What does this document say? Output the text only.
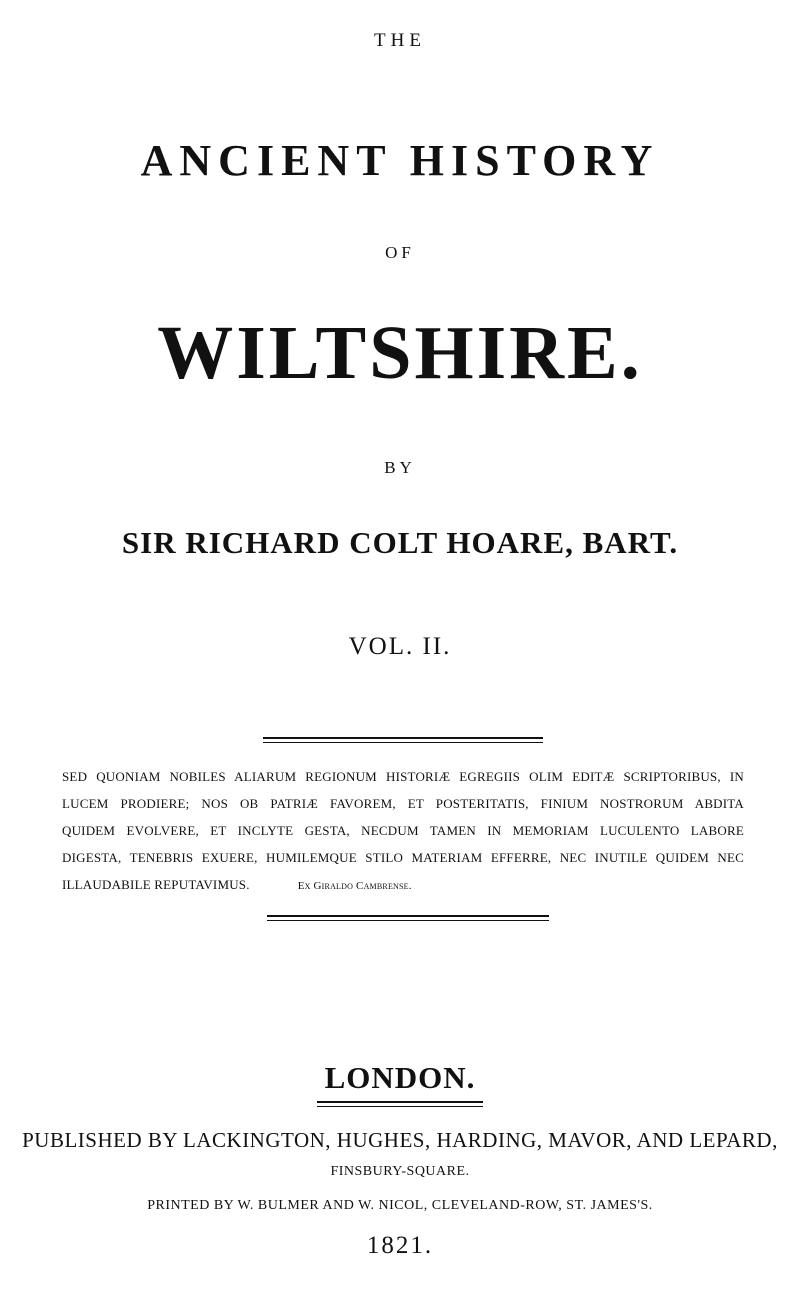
THE
ANCIENT HISTORY
OF
WILTSHIRE.
BY
SIR RICHARD COLT HOARE, BART.
VOL. II.
SED QUONIAM NOBILES ALIARUM REGIONUM HISTORIÆ EGREGIIS OLIM EDITÆ SCRIPTORIBUS, IN
LUCEM PRODIERE; NOS OB PATRIÆ FAVOREM, ET POSTERITATIS, FINIUM NOSTRORUM ABDITA
QUIDEM EVOLVERE, ET INCLYTE GESTA, NECDUM TAMEN IN MEMORIAM LUCULENTO LABORE
DIGESTA, TENEBRIS EXUERE, HUMILEMQUE STILO MATERIAM EFFERRE, NEC INUTILE QUIDEM NEC
ILLAUDABILE REPUTAVIMUS.	Ex Giraldo Cambrense.
LONDON.
PUBLISHED BY LACKINGTON, HUGHES, HARDING, MAVOR, AND LEPARD,
FINSBURY-SQUARE.
PRINTED BY W. BULMER AND W. NICOL, CLEVELAND-ROW, ST. JAMES'S.
1821.
